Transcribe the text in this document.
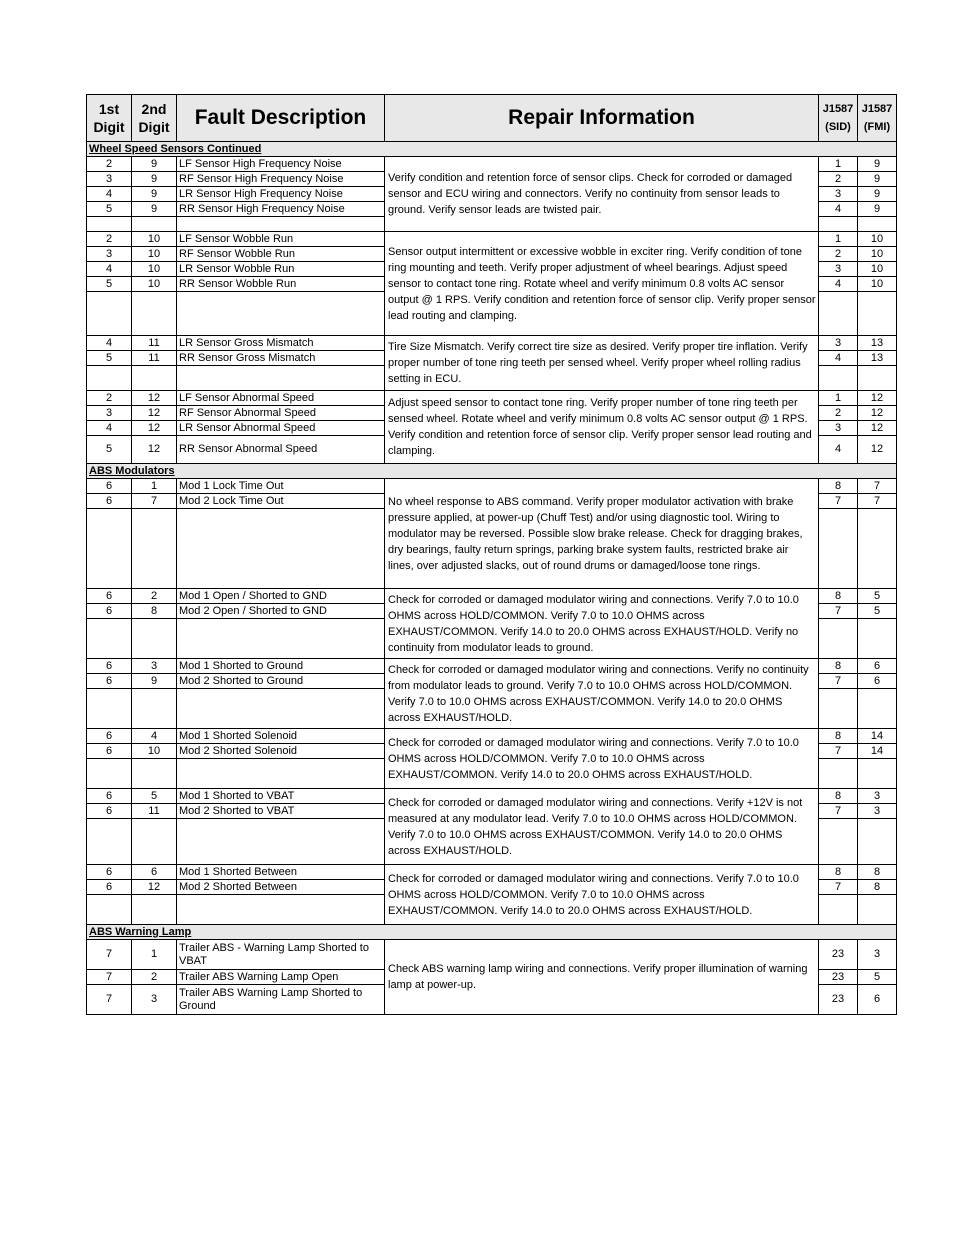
1st Digit	2nd Digit	Fault Description	Repair Information	J1587 (SID)	J1587 (FMI)
Wheel Speed Sensors Continued					
2	9	LF Sensor High Frequency Noise	Verify condition and retention force of sensor clips. Check for corroded or damaged sensor and ECU wiring and connectors. Verify no continuity from sensor leads to ground. Verify sensor leads are twisted pair.	1	9
3	9	RF Sensor High Frequency Noise		2	9
4	9	LR Sensor High Frequency Noise		3	9
5	9	RR Sensor High Frequency Noise		4	9

2	10	LF Sensor Wobble Run	Sensor output intermittent or excessive wobble in exciter ring. Verify condition of tone ring mounting and teeth. Verify proper adjustment of wheel bearings. Adjust speed sensor to contact tone ring. Rotate wheel and verify minimum 0.8 volts AC sensor output @ 1 RPS. Verify condition and retention force of sensor clip. Verify proper sensor lead routing and clamping.	1	10
3	10	RF Sensor Wobble Run		2	10
4	10	LR Sensor Wobble Run		3	10
5	10	RR Sensor Wobble Run		4	10

4	11	LR Sensor Gross Mismatch	Tire Size Mismatch. Verify correct tire size as desired. Verify proper tire inflation. Verify proper number of tone ring teeth per sensed wheel. Verify proper wheel rolling radius setting in ECU.	3	13
5	11	RR Sensor Gross Mismatch		4	13

2	12	LF Sensor Abnormal Speed	Adjust speed sensor to contact tone ring. Verify proper number of tone ring teeth per sensed wheel. Rotate wheel and verify minimum 0.8 volts AC sensor output @ 1 RPS. Verify condition and retention force of sensor clip. Verify proper sensor lead routing and clamping.	1	12
3	12	RF Sensor Abnormal Speed		2	12
4	12	LR Sensor Abnormal Speed		3	12
5	12	RR Sensor Abnormal Speed		4	12
ABS Modulators					
6	1	Mod 1 Lock Time Out	No wheel response to ABS command. Verify proper modulator activation with brake pressure applied, at power-up (Chuff Test) and/or using diagnostic tool. Wiring to modulator may be reversed. Possible slow brake release. Check for dragging brakes, dry bearings, faulty return springs, parking brake system faults, restricted brake air lines, over adjusted slacks, out of round drums or damaged/loose tone rings.	8	7
6	7	Mod 2 Lock Time Out		7	7

6	2	Mod 1 Open / Shorted to GND	Check for corroded or damaged modulator wiring and connections. Verify 7.0 to 10.0 OHMS across HOLD/COMMON. Verify 7.0 to 10.0 OHMS across EXHAUST/COMMON. Verify 14.0 to 20.0 OHMS across EXHAUST/HOLD. Verify no continuity from modulator leads to ground.	8	5
6	8	Mod 2 Open / Shorted to GND		7	5

6	3	Mod 1 Shorted to Ground	Check for corroded or damaged modulator wiring and connections. Verify no continuity from modulator leads to ground. Verify 7.0 to 10.0 OHMS across HOLD/COMMON. Verify 7.0 to 10.0 OHMS across EXHAUST/COMMON. Verify 14.0 to 20.0 OHMS across EXHAUST/HOLD.	8	6
6	9	Mod 2 Shorted to Ground		7	6

6	4	Mod 1 Shorted Solenoid	Check for corroded or damaged modulator wiring and connections. Verify 7.0 to 10.0 OHMS across HOLD/COMMON. Verify 7.0 to 10.0 OHMS across EXHAUST/COMMON. Verify 14.0 to 20.0 OHMS across EXHAUST/HOLD.	8	14
6	10	Mod 2 Shorted Solenoid		7	14

6	5	Mod 1 Shorted to VBAT	Check for corroded or damaged modulator wiring and connections. Verify +12V is not measured at any modulator lead. Verify 7.0 to 10.0 OHMS across HOLD/COMMON. Verify 7.0 to 10.0 OHMS across EXHAUST/COMMON. Verify 14.0 to 20.0 OHMS across EXHAUST/HOLD.	8	3
6	11	Mod 2 Shorted to VBAT		7	3

6	6	Mod 1 Shorted Between	Check for corroded or damaged modulator wiring and connections. Verify 7.0 to 10.0 OHMS across HOLD/COMMON. Verify 7.0 to 10.0 OHMS across EXHAUST/COMMON. Verify 14.0 to 20.0 OHMS across EXHAUST/HOLD.	8	8
6	12	Mod 2 Shorted Between		7	8

ABS Warning Lamp					
7	1	Trailer ABS - Warning Lamp Shorted to VBAT	Check ABS warning lamp wiring and connections. Verify proper illumination of warning lamp at power-up.	23	3
7	2	Trailer ABS Warning Lamp Open		23	5
7	3	Trailer ABS Warning Lamp Shorted to Ground		23	6
